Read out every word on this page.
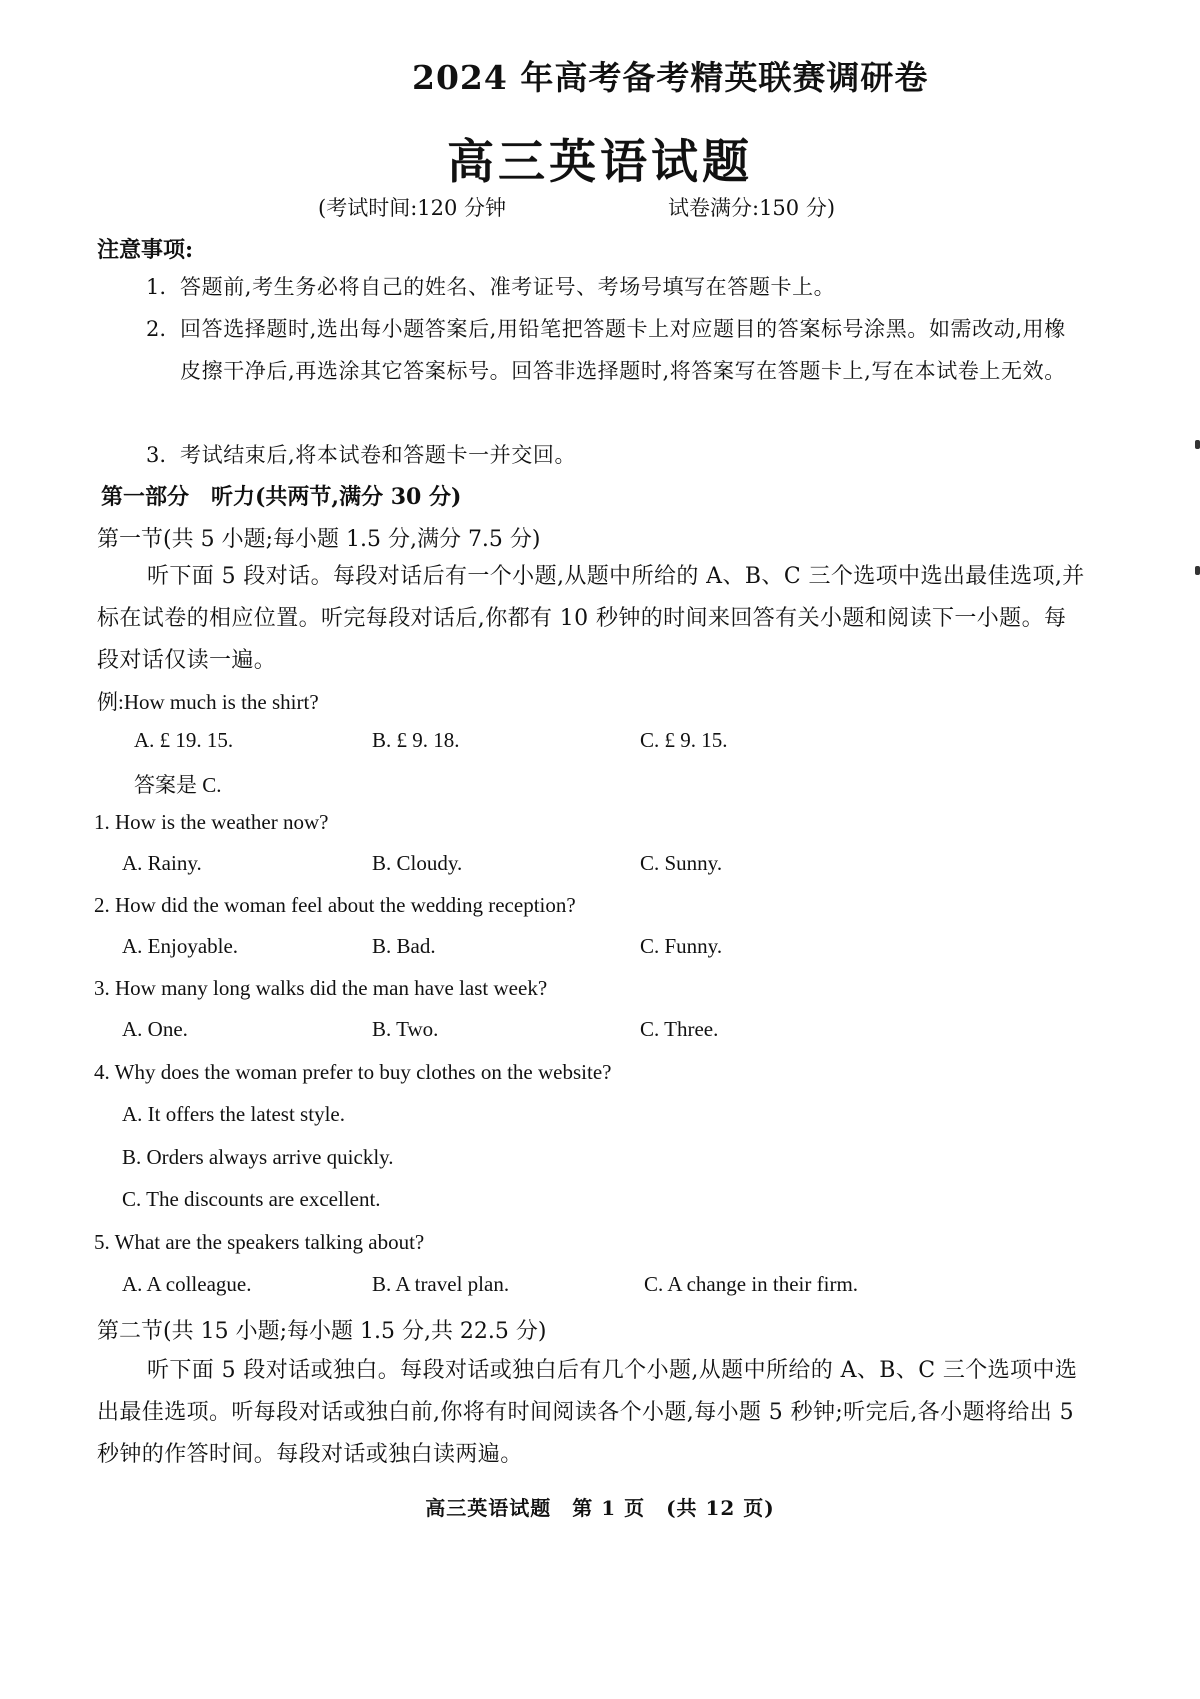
2024 年高考备考精英联赛调研卷
高三英语试题
(考试时间:120 分钟	试卷满分:150 分)
注意事项:
1. 答题前,考生务必将自己的姓名、准考证号、考场号填写在答题卡上。
2. 回答选择题时,选出每小题答案后,用铅笔把答题卡上对应题目的答案标号涂黑。如需改动,用橡皮擦干净后,再选涂其它答案标号。回答非选择题时,将答案写在答题卡上,写在本试卷上无效。
3. 考试结束后,将本试卷和答题卡一并交回。
第一部分　听力(共两节,满分 30 分)
第一节(共 5 小题;每小题 1.5 分,满分 7.5 分)
听下面 5 段对话。每段对话后有一个小题,从题中所给的 A、B、C 三个选项中选出最佳选项,并标在试卷的相应位置。听完每段对话后,你都有 10 秒钟的时间来回答有关小题和阅读下一小题。每段对话仅读一遍。
例:How much is the shirt?
A. £ 19. 15.	B. £ 9. 18.	C. £ 9. 15.
答案是 C.
1. How is the weather now?
A. Rainy.	B. Cloudy.	C. Sunny.
2. How did the woman feel about the wedding reception?
A. Enjoyable.	B. Bad.	C. Funny.
3. How many long walks did the man have last week?
A. One.	B. Two.	C. Three.
4. Why does the woman prefer to buy clothes on the website?
A. It offers the latest style.
B. Orders always arrive quickly.
C. The discounts are excellent.
5. What are the speakers talking about?
A. A colleague.	B. A travel plan.	C. A change in their firm.
第二节(共 15 小题;每小题 1.5 分,共 22.5 分)
听下面 5 段对话或独白。每段对话或独白后有几个小题,从题中所给的 A、B、C 三个选项中选出最佳选项。听每段对话或独白前,你将有时间阅读各个小题,每小题 5 秒钟;听完后,各小题将给出 5 秒钟的作答时间。每段对话或独白读两遍。
高三英语试题　第 1 页　(共 12 页)
